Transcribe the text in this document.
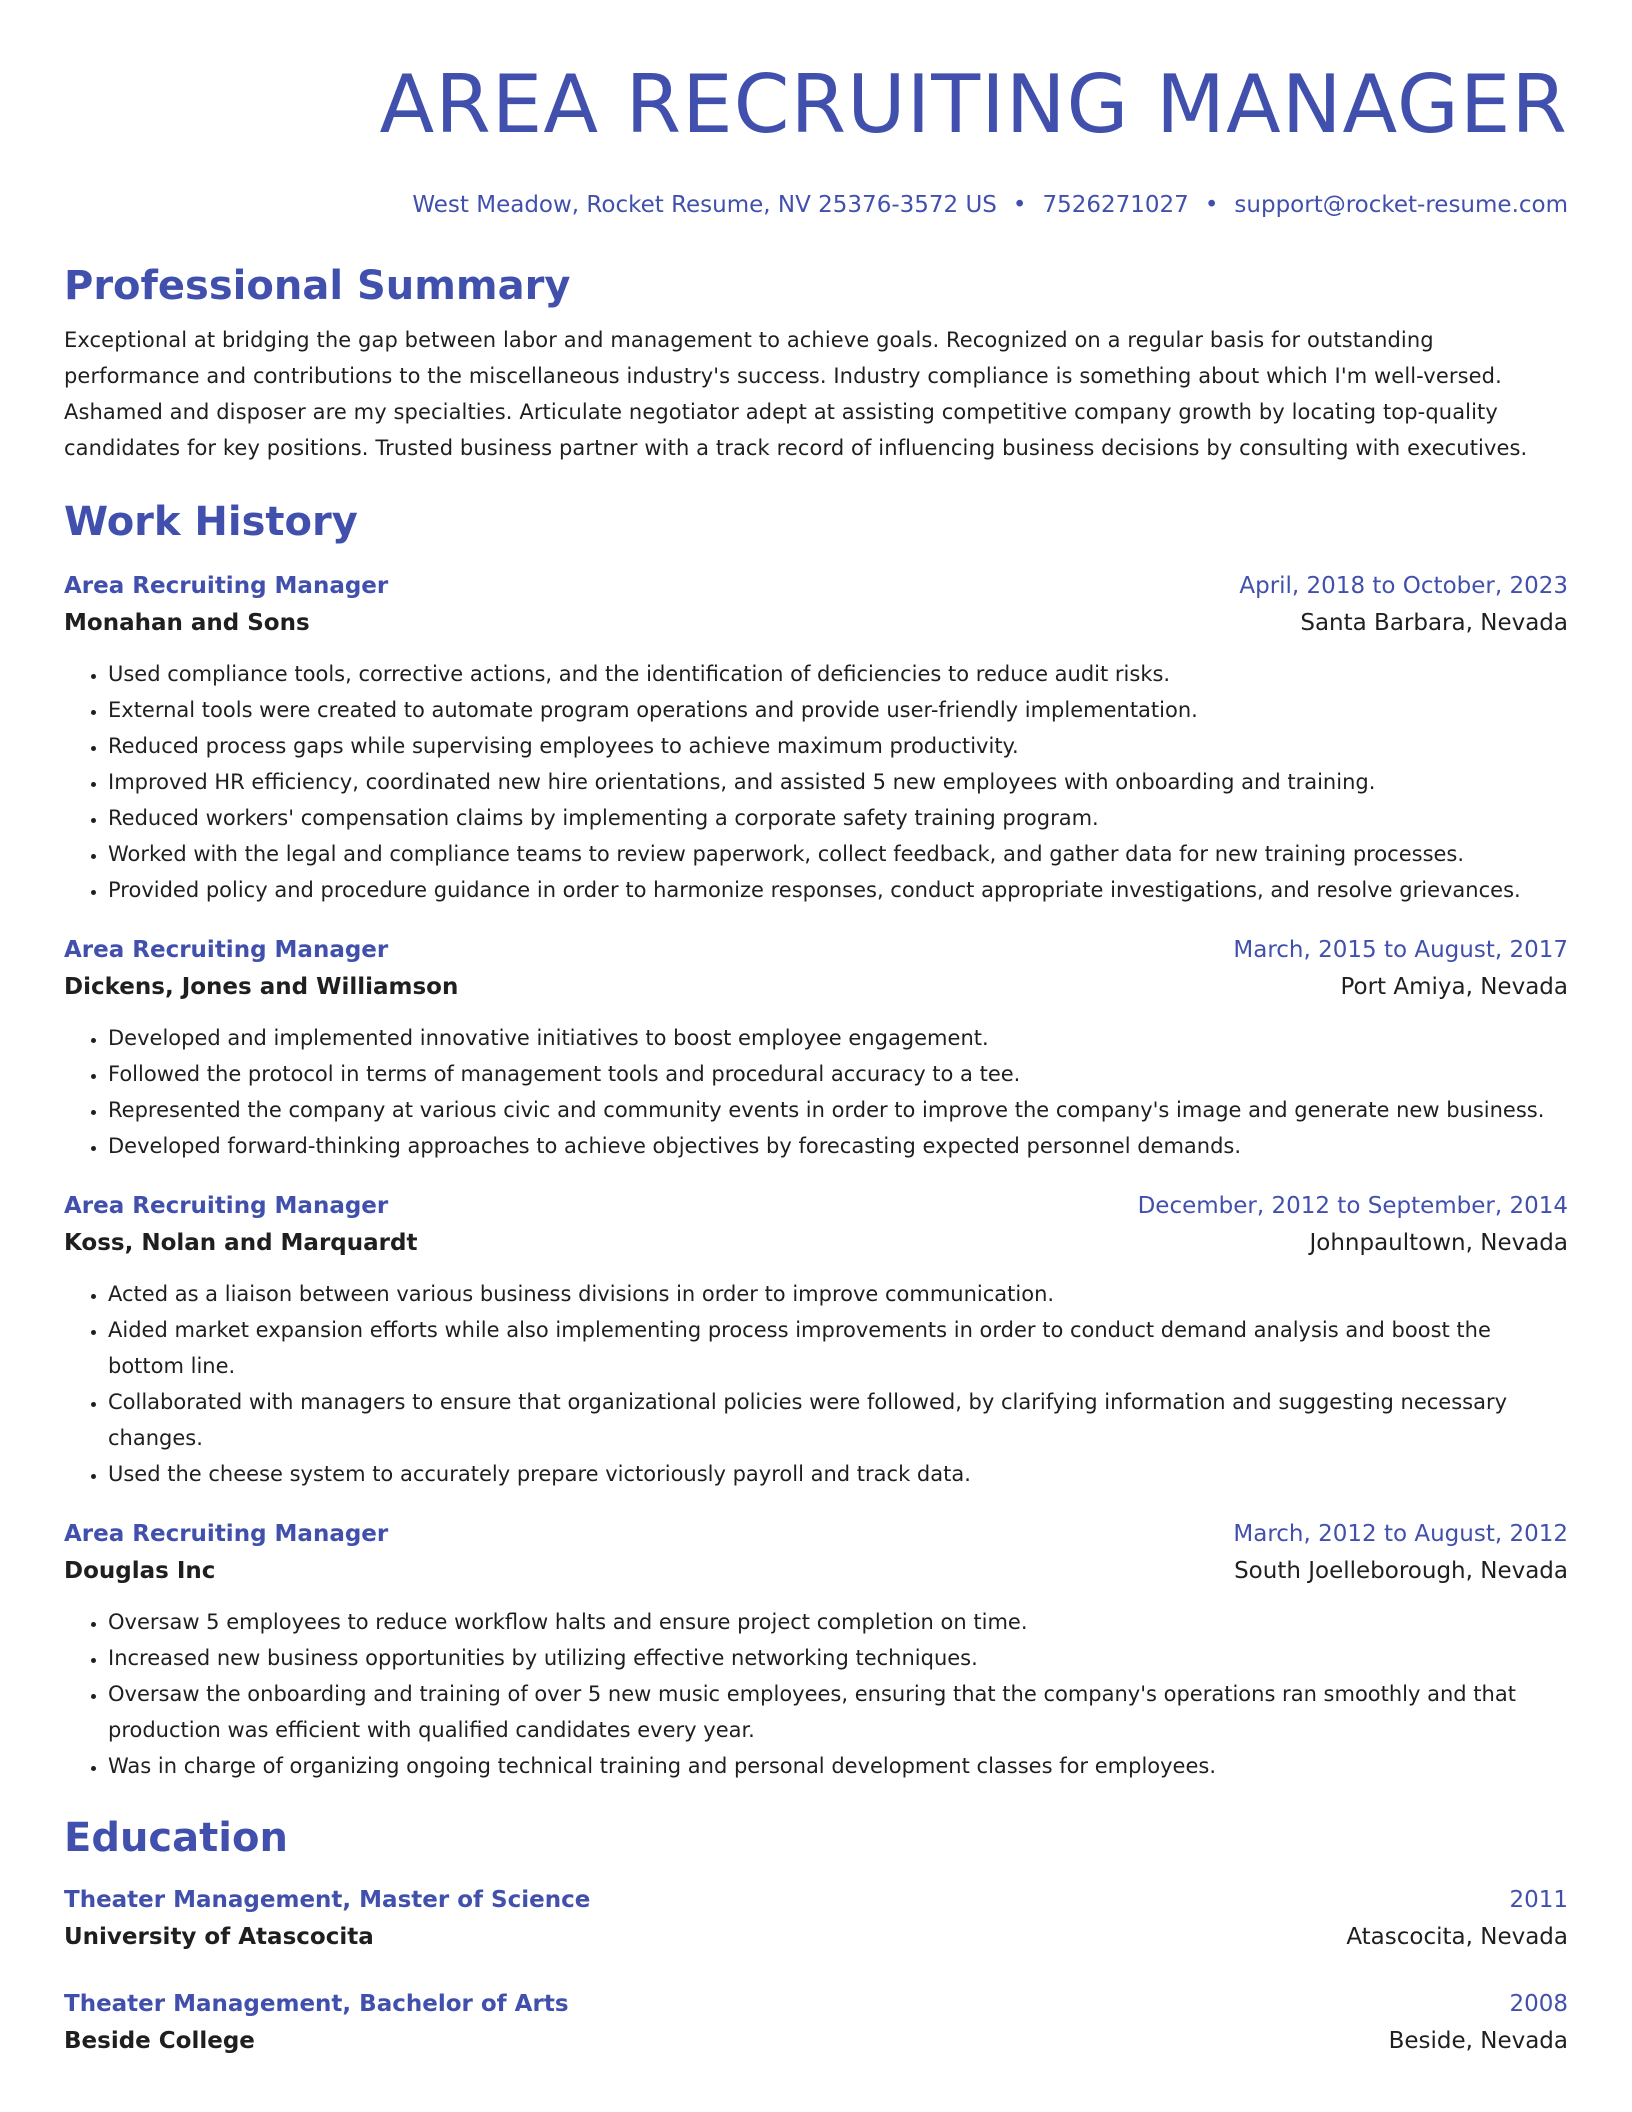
AREA RECRUITING MANAGER
West Meadow, Rocket Resume, NV 25376-3572 US • 7526271027 • support@rocket-resume.com
Professional Summary

Exceptional at bridging the gap between labor and management to achieve goals. Recognized on a regular basis for outstanding performance and contributions to the miscellaneous industry's success. Industry compliance is something about which I'm well-versed. Ashamed and disposer are my specialties. Articulate negotiator adept at assisting competitive company growth by locating top-quality candidates for key positions. Trusted business partner with a track record of influencing business decisions by consulting with executives.

Work History
Area Recruiting Manager	April, 2018 to October, 2023
Monahan and Sons	Santa Barbara, Nevada
• Used compliance tools, corrective actions, and the identification of deficiencies to reduce audit risks.
• External tools were created to automate program operations and provide user-friendly implementation.
• Reduced process gaps while supervising employees to achieve maximum productivity.
• Improved HR efficiency, coordinated new hire orientations, and assisted 5 new employees with onboarding and training.
• Reduced workers' compensation claims by implementing a corporate safety training program.
• Worked with the legal and compliance teams to review paperwork, collect feedback, and gather data for new training processes.
• Provided policy and procedure guidance in order to harmonize responses, conduct appropriate investigations, and resolve grievances.
Area Recruiting Manager	March, 2015 to August, 2017
Dickens, Jones and Williamson	Port Amiya, Nevada
• Developed and implemented innovative initiatives to boost employee engagement.
• Followed the protocol in terms of management tools and procedural accuracy to a tee.
• Represented the company at various civic and community events in order to improve the company's image and generate new business.
• Developed forward-thinking approaches to achieve objectives by forecasting expected personnel demands.
Area Recruiting Manager	December, 2012 to September, 2014
Koss, Nolan and Marquardt	Johnpaultown, Nevada
• Acted as a liaison between various business divisions in order to improve communication.
• Aided market expansion efforts while also implementing process improvements in order to conduct demand analysis and boost the bottom line.
• Collaborated with managers to ensure that organizational policies were followed, by clarifying information and suggesting necessary changes.
• Used the cheese system to accurately prepare victoriously payroll and track data.
Area Recruiting Manager	March, 2012 to August, 2012
Douglas Inc	South Joelleborough, Nevada
• Oversaw 5 employees to reduce workflow halts and ensure project completion on time.
• Increased new business opportunities by utilizing effective networking techniques.
• Oversaw the onboarding and training of over 5 new music employees, ensuring that the company's operations ran smoothly and that production was efficient with qualified candidates every year.
• Was in charge of organizing ongoing technical training and personal development classes for employees.
Education
Theater Management, Master of Science	2011
University of Atascocita	Atascocita, Nevada
Theater Management, Bachelor of Arts	2008
Beside College	Beside, Nevada
